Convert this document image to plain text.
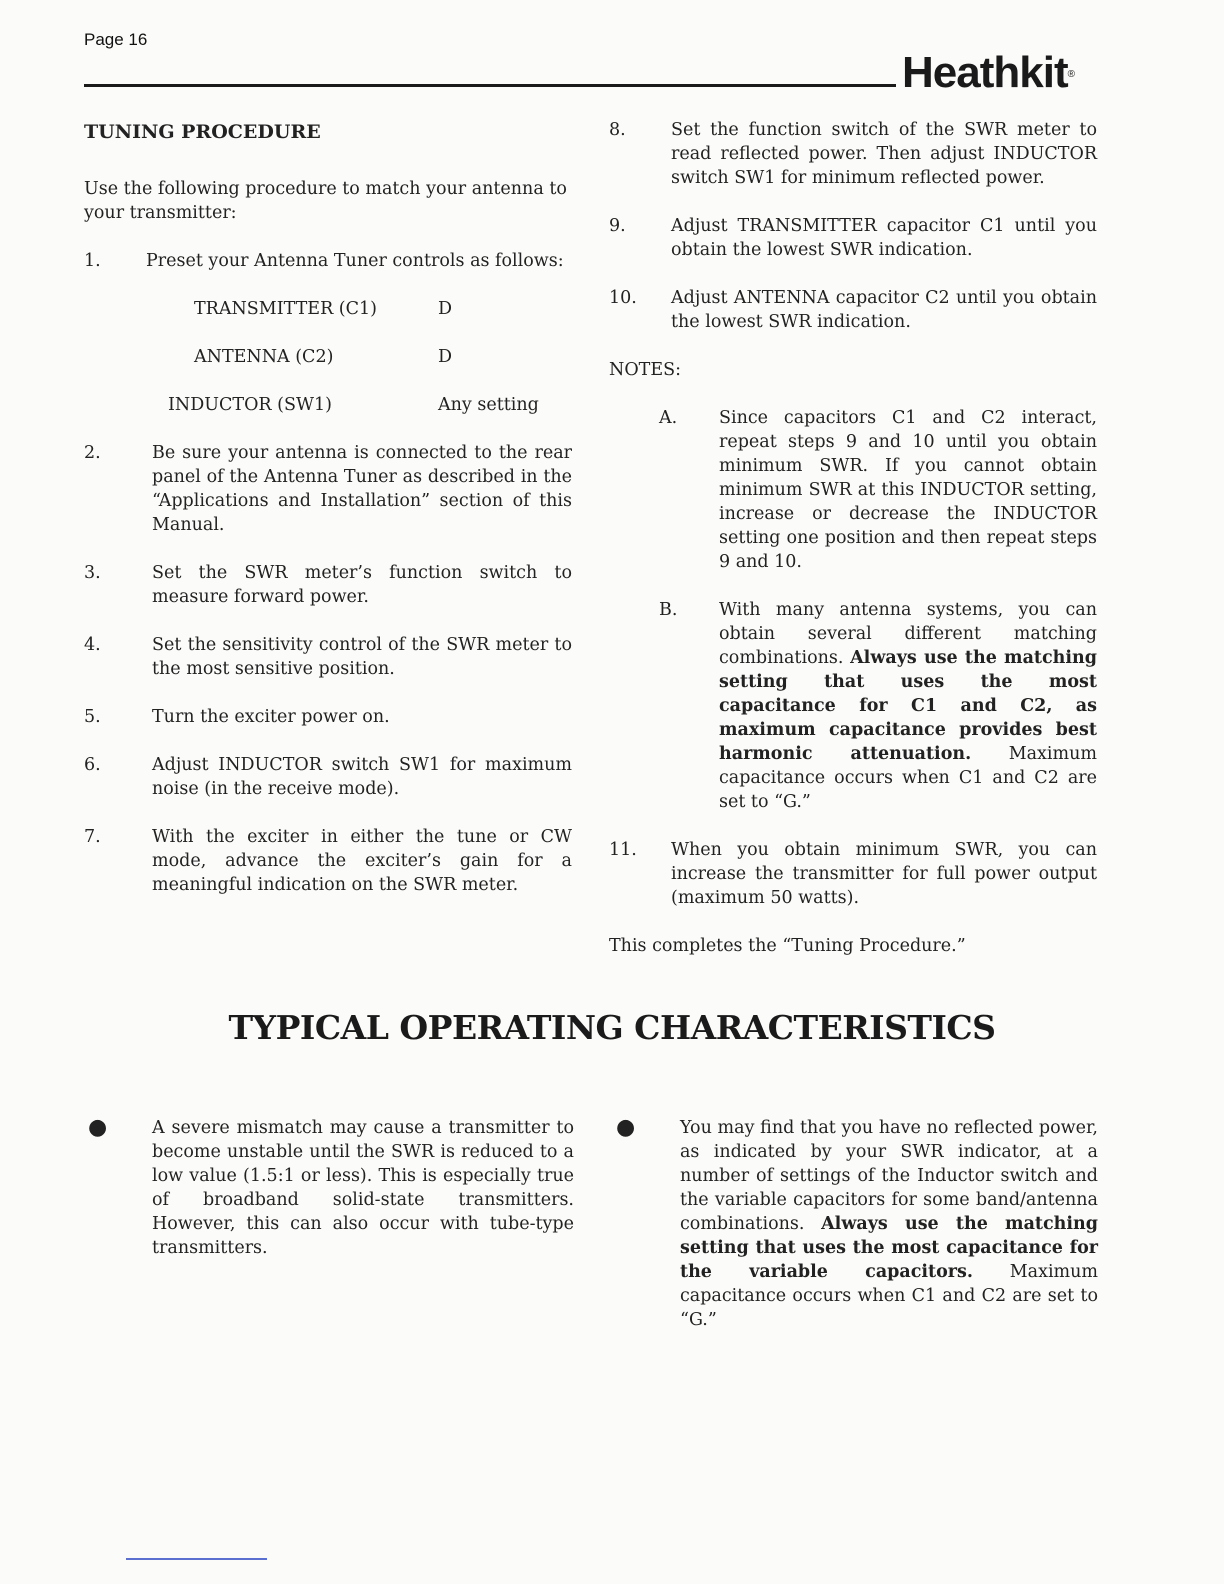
Page 16
Heathkit®

TUNING PROCEDURE

Use the following procedure to match your antenna to your transmitter:

1.	Preset your Antenna Tuner controls as follows:
TRANSMITTER (C1)	D
ANTENNA (C2)	D
INDUCTOR (SW1)	Any setting
2.	Be sure your antenna is connected to the rear panel of the Antenna Tuner as described in the “Applications and Installation” section of this Manual.
3.	Set the SWR meter’s function switch to measure forward power.
4.	Set the sensitivity control of the SWR meter to the most sensitive position.
5.	Turn the exciter power on.
6.	Adjust INDUCTOR switch SW1 for maximum noise (in the receive mode).
7.	With the exciter in either the tune or CW mode, advance the exciter’s gain for a meaningful indication on the SWR meter.
8.	Set the function switch of the SWR meter to read reflected power. Then adjust INDUCTOR switch SW1 for minimum reflected power.
9.	Adjust TRANSMITTER capacitor C1 until you obtain the lowest SWR indication.
10.	Adjust ANTENNA capacitor C2 until you obtain the lowest SWR indication.

NOTES:

A.	Since capacitors C1 and C2 interact, repeat steps 9 and 10 until you obtain minimum SWR. If you cannot obtain minimum SWR at this INDUCTOR setting, increase or decrease the INDUCTOR setting one position and then repeat steps 9 and 10.
B.	With many antenna systems, you can obtain several different matching combinations. Always use the matching setting that uses the most capacitance for C1 and C2, as maximum capacitance provides best harmonic attenuation. Maximum capacitance occurs when C1 and C2 are set to “G.”
11.	When you obtain minimum SWR, you can increase the transmitter for full power output (maximum 50 watts).

This completes the “Tuning Procedure.”

TYPICAL OPERATING CHARACTERISTICS
●	A severe mismatch may cause a transmitter to become unstable until the SWR is reduced to a low value (1.5:1 or less). This is especially true of broadband solid-state transmitters. However, this can also occur with tube-type transmitters.
●	You may find that you have no reflected power, as indicated by your SWR indicator, at a number of settings of the Inductor switch and the variable capacitors for some band/antenna combinations. Always use the matching setting that uses the most capacitance for the variable capacitors. Maximum capacitance occurs when C1 and C2 are set to “G.”
